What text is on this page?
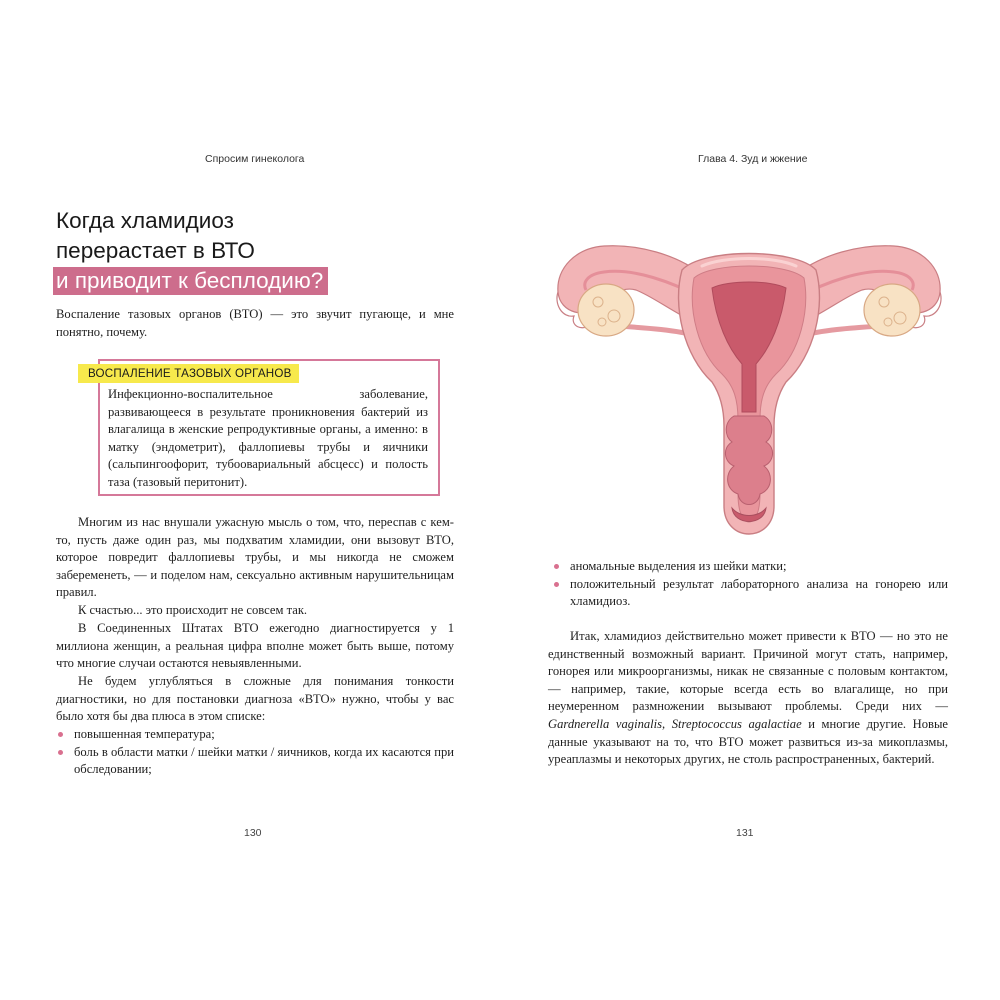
Спросим гинеколога
Когда хламидиоз
перерастает в ВТО
и приводит к бесплодию?

Воспаление тазовых органов (ВТО) — это звучит пугающе, и мне понятно, почему.

ВОСПАЛЕНИЕ ТАЗОВЫХ ОРГАНОВ

Инфекционно-воспалительное заболевание, развивающееся в результате проникновения бактерий из влагалища в женские репродуктивные органы, а именно: в матку (эндометрит), фаллопиевы трубы и яичники (сальпингоофорит, тубоовариальный абсцесс) и полость таза (тазовый перитонит).

Многим из нас внушали ужасную мысль о том, что, переспав с кем-то, пусть даже один раз, мы подхватим хламидии, они вызовут ВТО, которое повредит фаллопиевы трубы, и мы никогда не сможем забеременеть, — и поделом нам, сексуально активным нарушительницам правил.

К счастью... это происходит не совсем так.

В Соединенных Штатах ВТО ежегодно диагностируется у 1 миллиона женщин, а реальная цифра вполне может быть выше, потому что многие случаи остаются невыявленными.

Не будем углубляться в сложные для понимания тонкости диагностики, но для постановки диагноза «ВТО» нужно, чтобы у вас было хотя бы два плюса в этом списке:

повышенная температура;
боль в области матки / шейки матки / яичников, когда их касаются при обследовании;
130
Глава 4. Зуд и жжение
131
аномальные выделения из шейки матки;
положительный результат лабораторного анализа на гонорею или хламидиоз.

Итак, хламидиоз действительно может привести к ВТО — но это не единственный возможный вариант. Причиной могут стать, например, гонорея или микроорганизмы, никак не связанные с половым контактом, — например, такие, которые всегда есть во влагалище, но при неумеренном размножении вызывают проблемы. Среди них — Gardnerella vaginalis, Streptococcus agalactiae и многие другие. Новые данные указывают на то, что ВТО может развиться из-за микоплазмы, уреаплазмы и некоторых других, не столь распространенных, бактерий.
